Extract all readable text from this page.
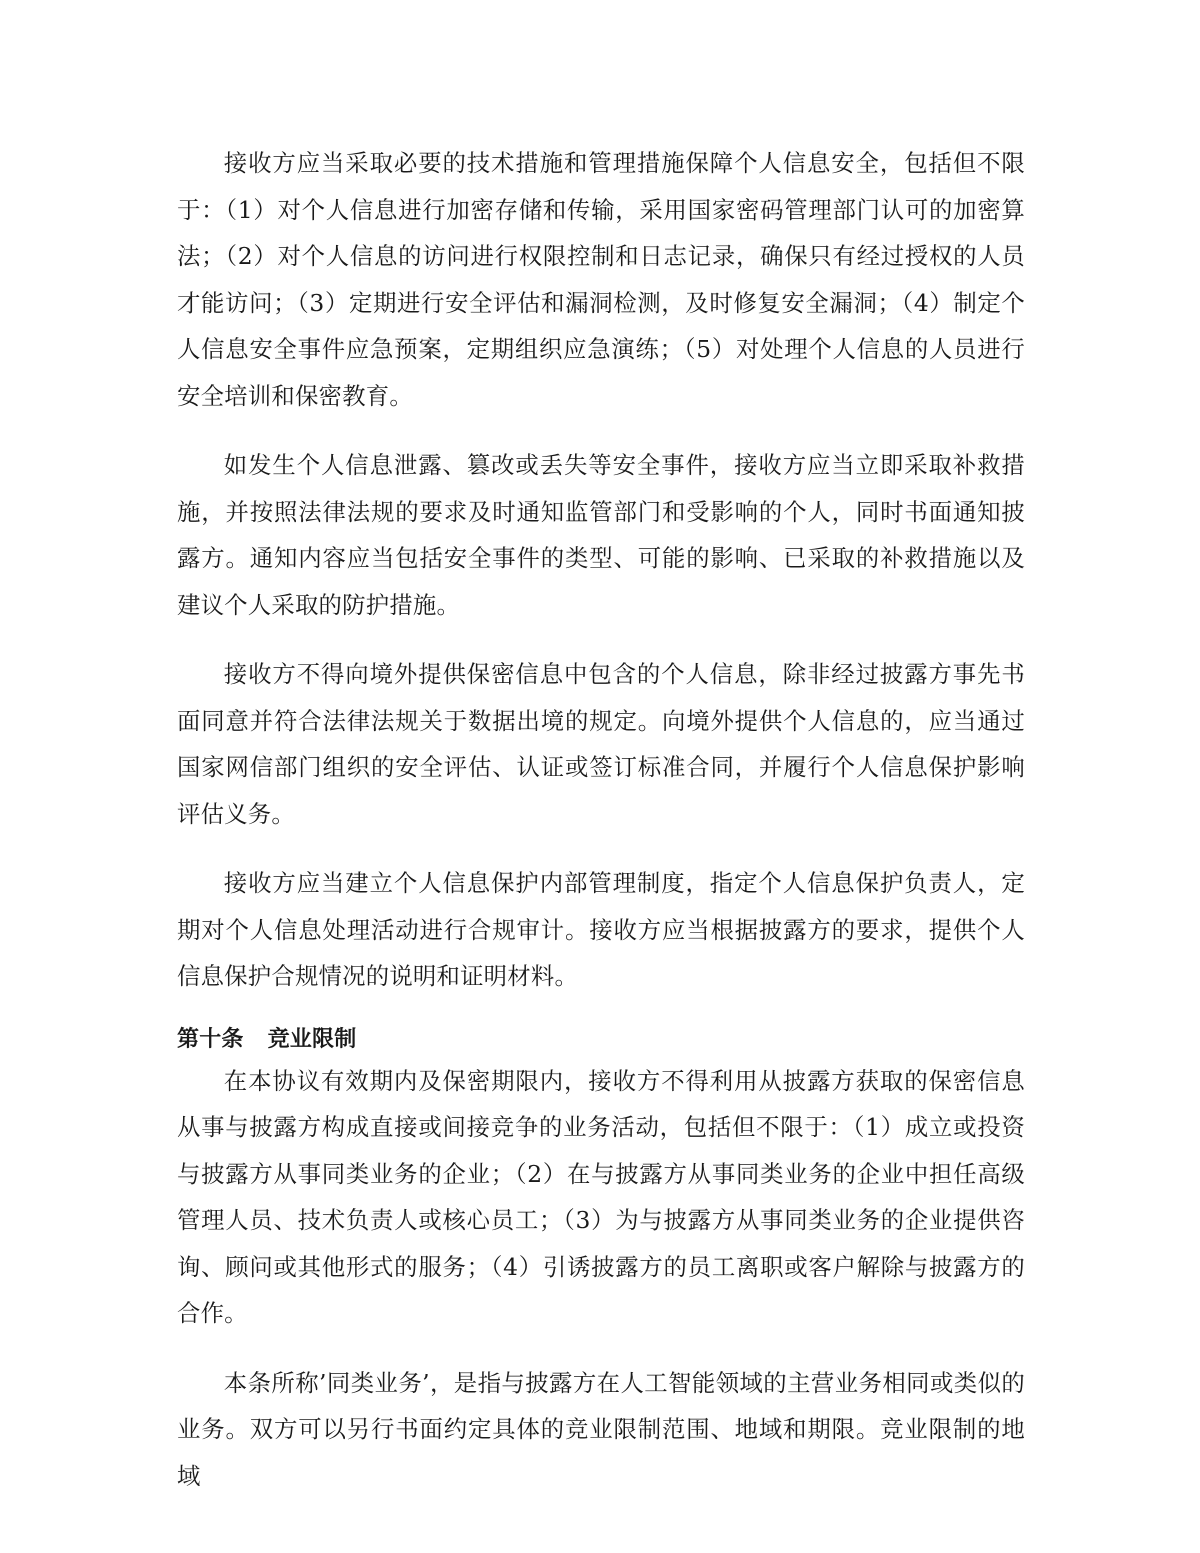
接收方应当采取必要的技术措施和管理措施保障个人信息安全，包括但不限于：（1）对个人信息进行加密存储和传输，采用国家密码管理部门认可的加密算法；（2）对个人信息的访问进行权限控制和日志记录，确保只有经过授权的人员才能访问；（3）定期进行安全评估和漏洞检测，及时修复安全漏洞；（4）制定个人信息安全事件应急预案，定期组织应急演练；（5）对处理个人信息的人员进行安全培训和保密教育。

如发生个人信息泄露、篡改或丢失等安全事件，接收方应当立即采取补救措施，并按照法律法规的要求及时通知监管部门和受影响的个人，同时书面通知披露方。通知内容应当包括安全事件的类型、可能的影响、已采取的补救措施以及建议个人采取的防护措施。

接收方不得向境外提供保密信息中包含的个人信息，除非经过披露方事先书面同意并符合法律法规关于数据出境的规定。向境外提供个人信息的，应当通过国家网信部门组织的安全评估、认证或签订标准合同，并履行个人信息保护影响评估义务。

接收方应当建立个人信息保护内部管理制度，指定个人信息保护负责人，定期对个人信息处理活动进行合规审计。接收方应当根据披露方的要求，提供个人信息保护合规情况的说明和证明材料。

第十条 竞业限制

在本协议有效期内及保密期限内，接收方不得利用从披露方获取的保密信息从事与披露方构成直接或间接竞争的业务活动，包括但不限于：（1）成立或投资与披露方从事同类业务的企业；（2）在与披露方从事同类业务的企业中担任高级管理人员、技术负责人或核心员工；（3）为与披露方从事同类业务的企业提供咨询、顾问或其他形式的服务；（4）引诱披露方的员工离职或客户解除与披露方的合作。

本条所称’同类业务’，是指与披露方在人工智能领域的主营业务相同或类似的业务。双方可以另行书面约定具体的竞业限制范围、地域和期限。竞业限制的地域
